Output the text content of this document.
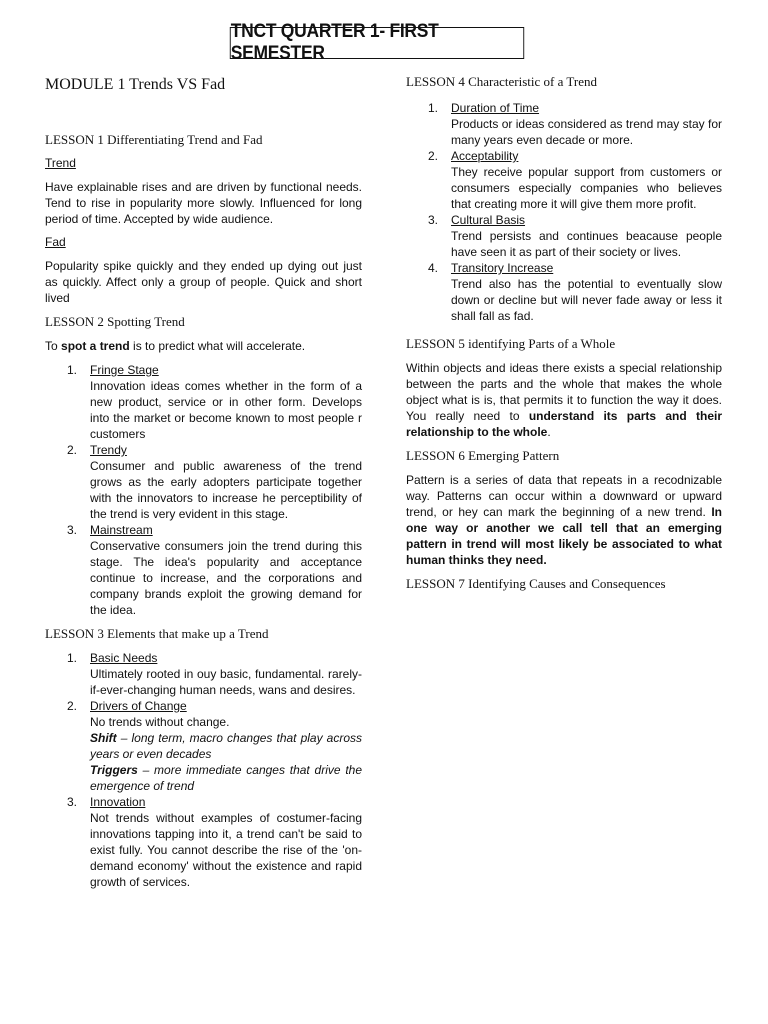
TNCT QUARTER 1- FIRST SEMESTER
MODULE 1 Trends VS Fad
LESSON 1 Differentiating Trend and Fad
Trend

Have explainable rises and are driven by functional needs. Tend to rise in popularity more slowly. Influenced for long period of time. Accepted by wide audience.

Fad

Popularity spike quickly and they ended up dying out just as quickly. Affect only a group of people. Quick and short lived

LESSON 2 Spotting Trend

To spot a trend is to predict what will accelerate.

1.	Fringe Stage
Innovation ideas comes whether in the form of a new product, service or in other form. Develops into the market or become known to most people r customers
2.	Trendy
Consumer and public awareness of the trend grows as the early adopters participate together with the innovators to increase he perceptibility of the trend is very evident in this stage.
3.	Mainstream
Conservative consumers join the trend during this stage. The idea's popularity and acceptance continue to increase, and the corporations and company brands exploit the growing demand for the idea.
LESSON 3 Elements that make up a Trend
1.	Basic Needs
Ultimately rooted in ouy basic, fundamental. rarely-if-ever-changing human needs, wans and desires.
2.	Drivers of Change
No trends without change.
Shift – long term, macro changes that play across years or even decades
Triggers – more immediate canges that drive the emergence of trend
3.	Innovation
Not trends without examples of costumer-facing innovations tapping into it, a trend can't be said to exist fully. You cannot describe the rise of the 'on-demand economy' without the existence and rapid growth of services.
LESSON 4 Characteristic of a Trend
1.	Duration of Time
Products or ideas considered as trend may stay for many years even decade or more.
2.	Acceptability
They receive popular support from customers or consumers especially companies who believes that creating more it will give them more profit.
3.	Cultural Basis
Trend persists and continues beacause people have seen it as part of their society or lives.
4.	Transitory Increase
Trend also has the potential to eventually slow down or decline but will never fade away or less it shall fall as fad.
LESSON 5 identifying Parts of a Whole

Within objects and ideas there exists a special relationship between the parts and the whole that makes the whole object what is is, that permits it to function the way it does. You really need to understand its parts and their relationship to the whole.

LESSON 6 Emerging Pattern

Pattern is a series of data that repeats in a recodnizable way. Patterns can occur within a downward or upward trend, or hey can mark the beginning of a new trend. In one way or another we call tell that an emerging pattern in trend will most likely be associated to what human thinks they need.

LESSON 7 Identifying Causes and Consequences
